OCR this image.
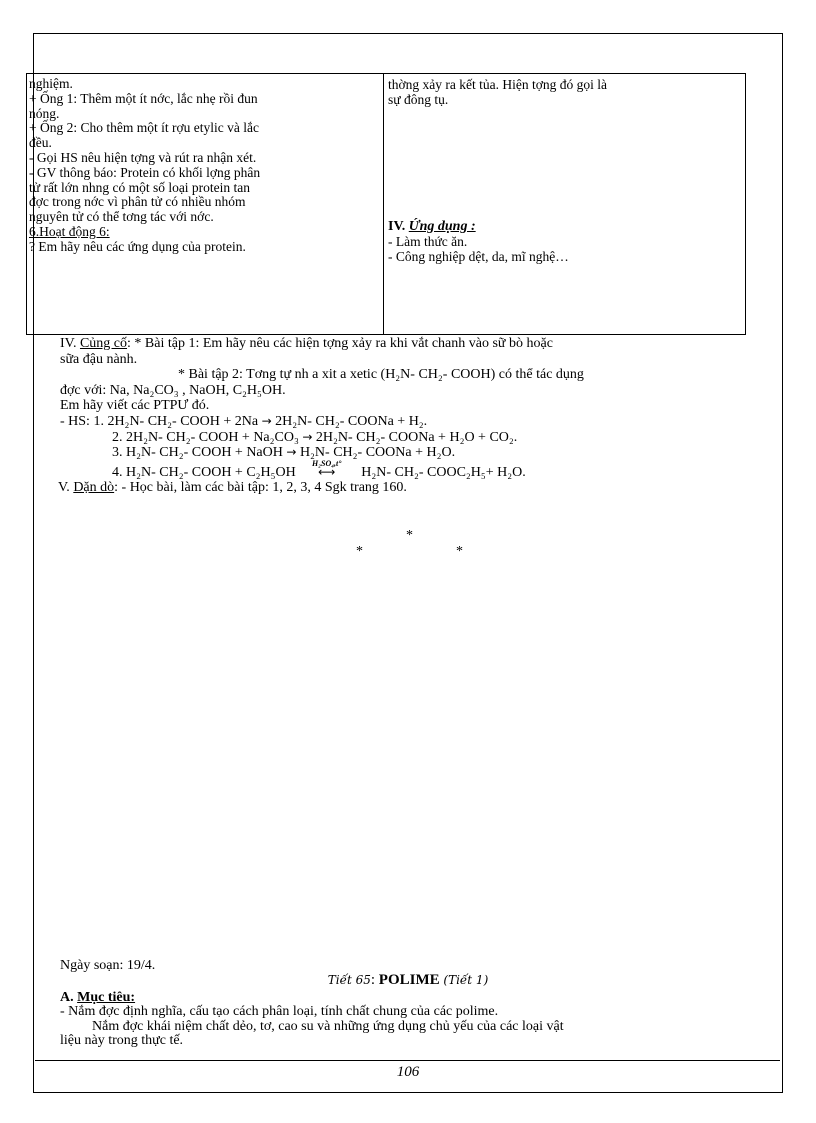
nghiệm.
+ Ống 1: Thêm một ít nớc, lắc nhẹ rồi đun
nóng.
+ Ống 2: Cho thêm một ít rợu etylic và lắc
đều.
- Gọi HS nêu hiện tợng và rút ra nhận xét.
- GV thông báo: Protein có khối lợng phân
tử rất lớn nhng có một số loại protein tan
đợc trong nớc vì phân tử có nhiều nhóm
nguyên tử có thể tơng tác với nớc.
6.Hoạt động 6:
? Em hãy nêu các ứng dụng của protein.
thờng xảy ra kết tủa. Hiện tợng đó gọi là
sự đông tụ.
IV. Ứng dụng :
- Làm thức ăn.
- Công nghiệp dệt, da, mĩ nghệ…
IV. Củng cố: * Bài tập 1: Em hãy nêu các hiện tợng xảy ra khi vắt chanh vào sữ bò hoặc
sữa đậu nành.
* Bài tập 2: Tơng tự nh a xit a xetic (H₂N- CH₂- COOH) có thể tác dụng
đợc với: Na, Na₂CO₃ , NaOH, C₂H₅OH.
Em hãy viết các PTPƯ đó.
- HS: 1. 2H₂N- CH₂- COOH + 2Na → 2H₂N- CH₂- COONa + H₂.
2. 2H₂N- CH₂- COOH + Na₂CO₃ → 2H₂N- CH₂- COONa + H₂O + CO₂.
3. H₂N- CH₂- COOH + NaOH → H₂N- CH₂- COONa + H₂O.
4. H₂N- CH₂- COOH + C₂H₅OH
H₂SO₄,t°
⟷ H₂N- CH₂- COOC₂H₅+ H₂O.
V. Dặn dò: - Học bài, làm các bài tập: 1, 2, 3, 4 Sgk trang 160.
*
*	*
Ngày soạn: 19/4.
Tiết 65: POLIME (Tiết 1)
A. Mục tiêu:
- Nắm đợc định nghĩa, cấu tạo cách phân loại, tính chất chung của các polime.
Nắm đợc khái niệm chất dẻo, tơ, cao su và những ứng dụng chủ yếu của các loại vật
liệu này trong thực tế.
106
